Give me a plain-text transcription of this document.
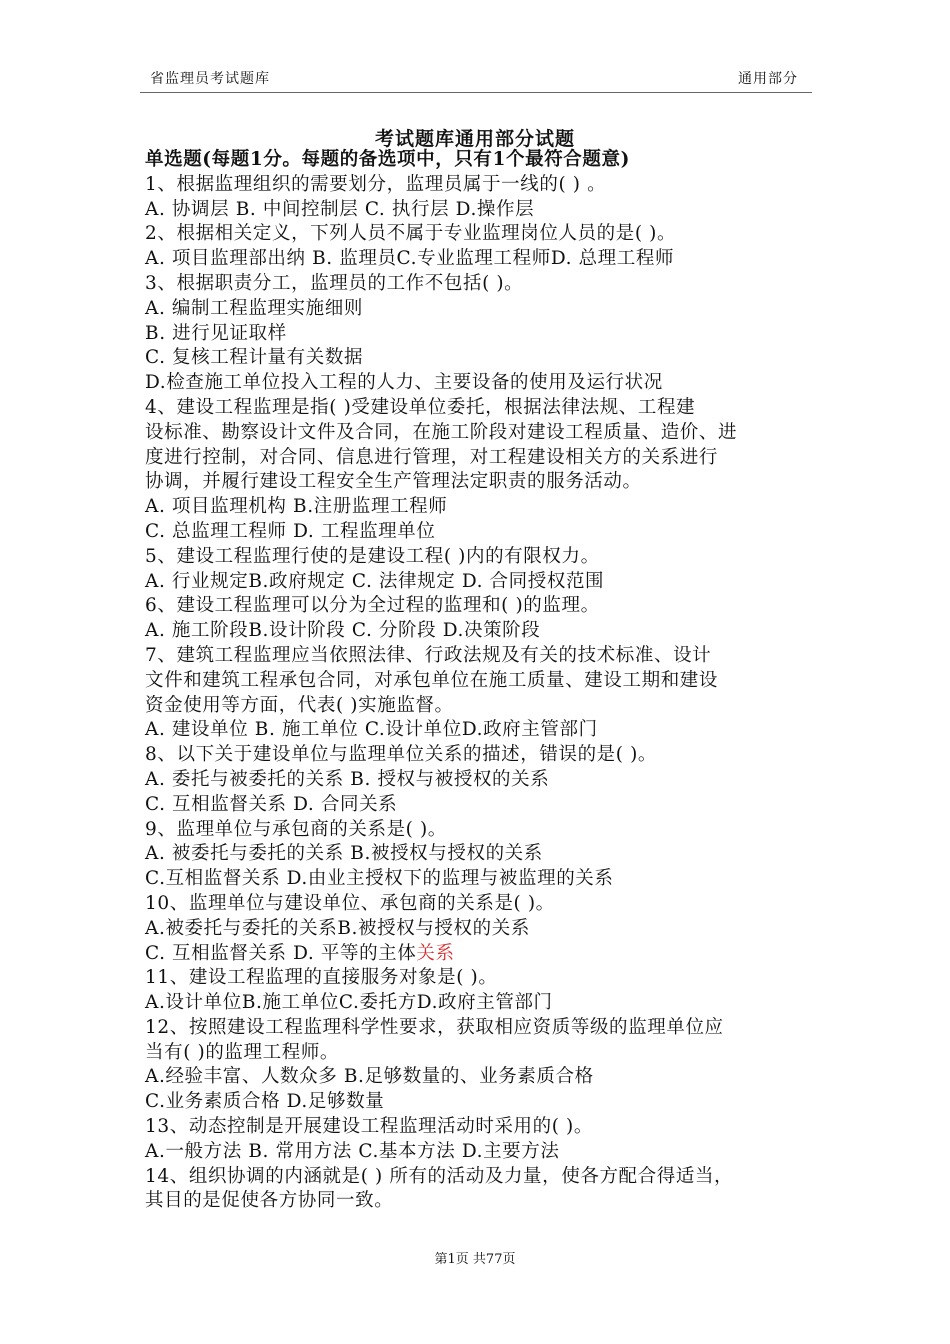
省监理员考试题库	通用部分
考试题库通用部分试题
单选题(每题1分。每题的备选项中，只有1个最符合题意)
1、根据监理组织的需要划分，监理员属于一线的( ) 。
A. 协调层 B. 中间控制层 C. 执行层 D.操作层
2、根据相关定义，下列人员不属于专业监理岗位人员的是( )。
A. 项目监理部出纳 B. 监理员C.专业监理工程师D. 总理工程师
3、根据职责分工，监理员的工作不包括( )。
A. 编制工程监理实施细则
B. 进行见证取样
C. 复核工程计量有关数据
D.检查施工单位投入工程的人力、主要设备的使用及运行状况
4、建设工程监理是指( )受建设单位委托，根据法律法规、工程建
设标准、勘察设计文件及合同，在施工阶段对建设工程质量、造价、进
度进行控制，对合同、信息进行管理，对工程建设相关方的关系进行
协调，并履行建设工程安全生产管理法定职责的服务活动。
A. 项目监理机构 B.注册监理工程师
C. 总监理工程师 D. 工程监理单位
5、建设工程监理行使的是建设工程( )内的有限权力。
A. 行业规定B.政府规定 C. 法律规定 D. 合同授权范围
6、建设工程监理可以分为全过程的监理和( )的监理。
A. 施工阶段B.设计阶段 C. 分阶段 D.决策阶段
7、建筑工程监理应当依照法律、行政法规及有关的技术标准、设计
文件和建筑工程承包合同，对承包单位在施工质量、建设工期和建设
资金使用等方面，代表( )实施监督。
A. 建设单位 B. 施工单位 C.设计单位D.政府主管部门
8、以下关于建设单位与监理单位关系的描述，错误的是( )。
A. 委托与被委托的关系 B. 授权与被授权的关系
C. 互相监督关系 D. 合同关系
9、监理单位与承包商的关系是( )。
A. 被委托与委托的关系 B.被授权与授权的关系
C.互相监督关系 D.由业主授权下的监理与被监理的关系
10、监理单位与建设单位、承包商的关系是( )。
A.被委托与委托的关系B.被授权与授权的关系
C. 互相监督关系 D. 平等的主体关系
11、建设工程监理的直接服务对象是( )。
A.设计单位B.施工单位C.委托方D.政府主管部门
12、按照建设工程监理科学性要求，获取相应资质等级的监理单位应
当有( )的监理工程师。
A.经验丰富、人数众多 B.足够数量的、业务素质合格
C.业务素质合格 D.足够数量
13、动态控制是开展建设工程监理活动时采用的( )。
A.一般方法 B. 常用方法 C.基本方法 D.主要方法
14、组织协调的内涵就是( ) 所有的活动及力量，使各方配合得适当，
其目的是促使各方协同一致。
第1页 共77页
